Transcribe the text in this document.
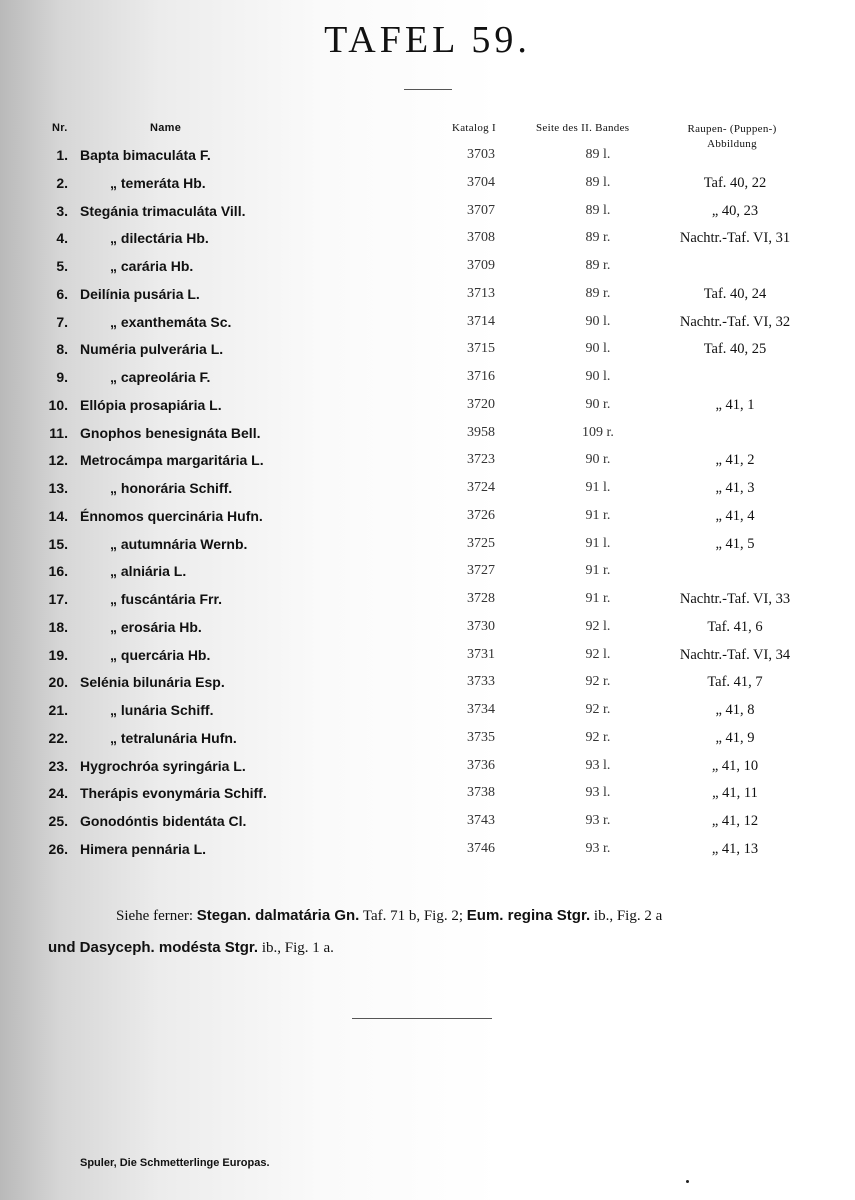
TAFEL 59.
Nr.	Name	Katalog I	Seite des II. Bandes	Raupen- (Puppen-)
Abbildung
1. Bapta bimaculáta F.	3703	89 l.
2.	„ temeráta Hb.	3704	89 l.	Taf. 40, 22
3. Stegánia trimaculáta Vill.	3707	89 l.	„ 40, 23
4.	„ dilectária Hb.	3708	89 r.	Nachtr.-Taf. VI, 31
5.	„ carária Hb.	3709	89 r.
6. Deilínia pusária L.	3713	89 r.	Taf. 40, 24
7.	„ exanthemáta Sc.	3714	90 l.	Nachtr.-Taf. VI, 32
8. Numéria pulverária L.	3715	90 l.	Taf. 40, 25
9.	„ capreolária F.	3716	90 l.
10. Ellópia prosapiária L.	3720	90 r.	„ 41, 1
11. Gnophos benesignáta Bell.	3958	109 r.
12. Metrocámpa margaritária L.	3723	90 r.	„ 41, 2
13.	„ honorária Schiff.	3724	91 l.	„ 41, 3
14. Énnomos quercinária Hufn.	3726	91 r.	„ 41, 4
15.	„ autumnária Wernb.	3725	91 l.	„ 41, 5
16.	„ alniária L.	3727	91 r.
17.	„ fuscántária Frr.	3728	91 r.	Nachtr.-Taf. VI, 33
18.	„ erosária Hb.	3730	92 l.	Taf. 41, 6
19.	„ quercária Hb.	3731	92 l.	Nachtr.-Taf. VI, 34
20. Selénia bilunária Esp.	3733	92 r.	Taf. 41, 7
21.	„ lunária Schiff.	3734	92 r.	„ 41, 8
22.	„ tetralunária Hufn.	3735	92 r.	„ 41, 9
23. Hygrochróa syringária L.	3736	93 l.	„ 41, 10
24. Therápis evonymária Schiff.	3738	93 l.	„ 41, 11
25. Gonodóntis bidentáta Cl.	3743	93 r.	„ 41, 12
26. Himera pennária L.	3746	93 r.	„ 41, 13
Siehe ferner: Stegan. dalmatária Gn. Taf. 71 b, Fig. 2; Eum. regina Stgr. ib., Fig. 2 a
und Dasyceph. modésta Stgr. ib., Fig. 1 a.
Spuler, Die Schmetterlinge Europas.
